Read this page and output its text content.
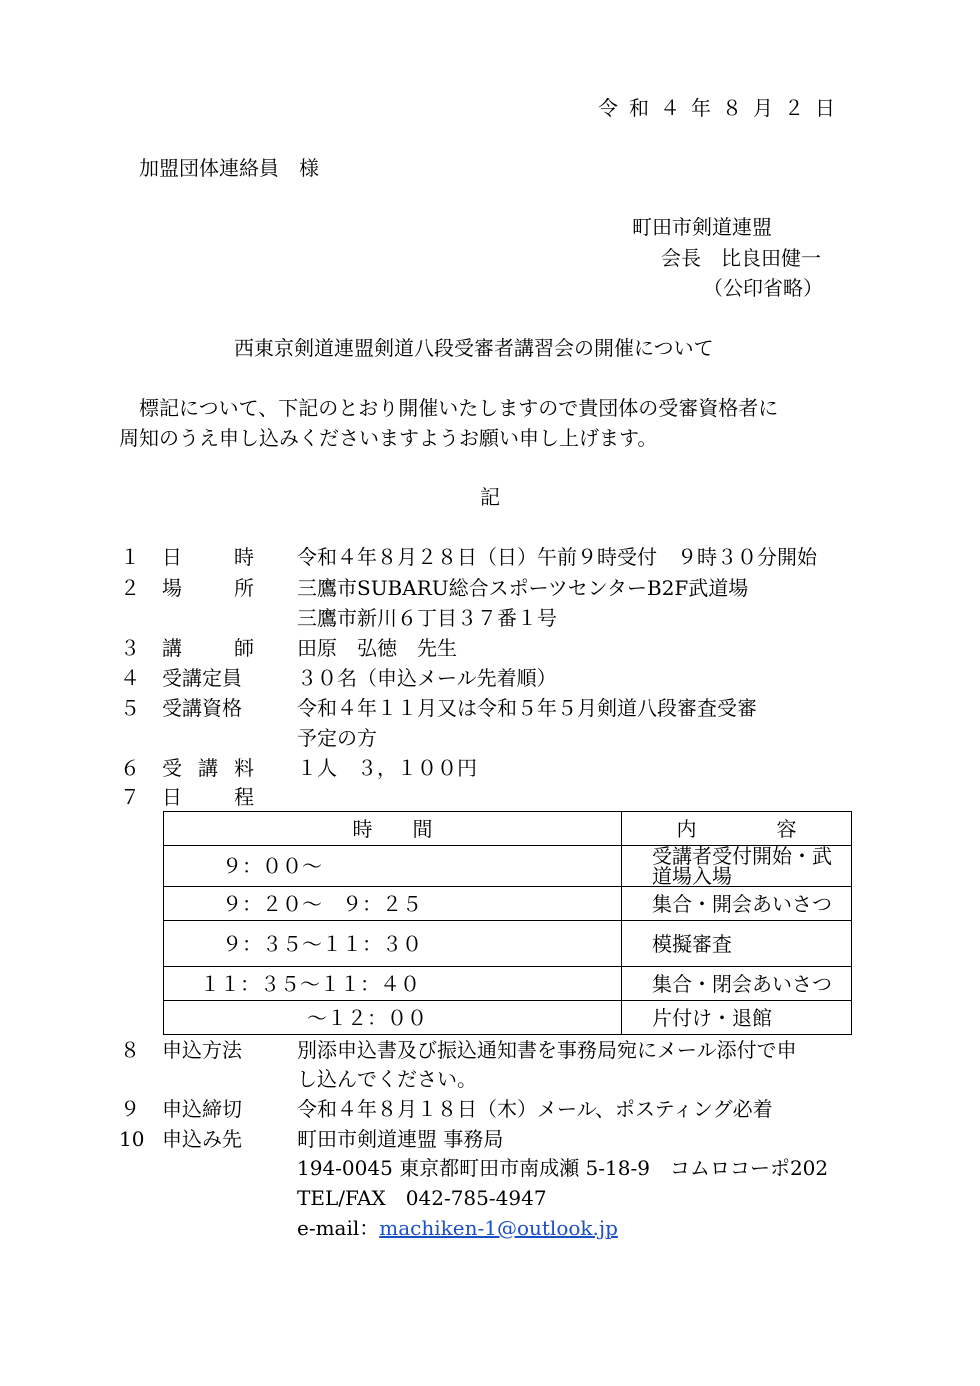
令和４年８月２日
加盟団体連絡員　様
町田市剣道連盟
会長　比良田健一
（公印省略）
西東京剣道連盟剣道八段受審者講習会の開催について
標記について、下記のとおり開催いたしますので貴団体の受審資格者に
周知のうえ申し込みくださいますようお願い申し上げます。
記
１ 日	時 令和４年８月２８日（日）午前９時受付　９時３０分開始
２ 場	所 三鷹市SUBARU総合スポーツセンターB2F武道場
三鷹市新川６丁目３７番１号
３ 講	師 田原　弘徳　先生
４ 受講定員	３０名（申込メール先着順）
５ 受講資格	令和４年１１月又は令和５年５月剣道八段審査受審
予定の方
６ 受 講 料 １人　３，１００円
７ 日	程
時　　間	内　　　　容
９：００～	受講者受付開始・武道場入場
９：２０～　９：２５	集合・開会あいさつ
９：３５～１１：３０	模擬審査
１１：３５～１１：４０	集合・閉会あいさつ
～１２：００	片付け・退館
８ 申込方法	別添申込書及び振込通知書を事務局宛にメール添付で申
し込んでください。
９ 申込締切	令和４年８月１８日（木）メール、ポスティング必着
10 申込み先	町田市剣道連盟 事務局
194-0045 東京都町田市南成瀬 5-18-9　コムロコーポ202
TEL/FAX　042-785-4947
e-mail：machiken-1@outlook.jp
